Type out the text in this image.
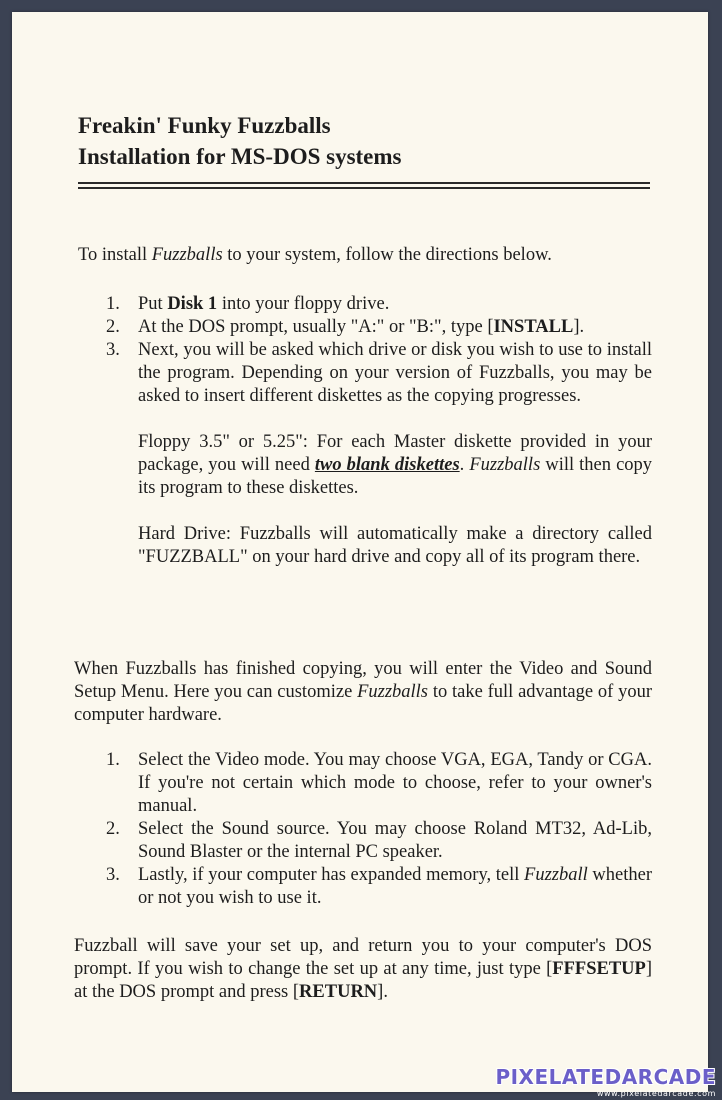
Freakin' Funky Fuzzballs
Installation for MS-DOS systems
To install Fuzzballs to your system, follow the directions below.
1. Put Disk 1 into your floppy drive.
2. At the DOS prompt, usually "A:" or "B:", type [INSTALL].
3. Next, you will be asked which drive or disk you wish to use to install the program. Depending on your version of Fuzzballs, you may be asked to insert different diskettes as the copying progresses.
Floppy 3.5" or 5.25": For each Master diskette provided in your package, you will need two blank diskettes. Fuzzballs will then copy its program to these diskettes.
Hard Drive: Fuzzballs will automatically make a directory called "FUZZBALL" on your hard drive and copy all of its program there.
When Fuzzballs has finished copying, you will enter the Video and Sound Setup Menu. Here you can customize Fuzzballs to take full advantage of your computer hardware.
1. Select the Video mode. You may choose VGA, EGA, Tandy or CGA. If you're not certain which mode to choose, refer to your owner's manual.
2. Select the Sound source. You may choose Roland MT32, Ad-Lib, Sound Blaster or the internal PC speaker.
3. Lastly, if your computer has expanded memory, tell Fuzzball whether or not you wish to use it.
Fuzzball will save your set up, and return you to your computer's DOS prompt. If you wish to change the set up at any time, just type [FFFSETUP] at the DOS prompt and press [RETURN].
PIXELATEDARCADE
www.pixelatedarcade.com
